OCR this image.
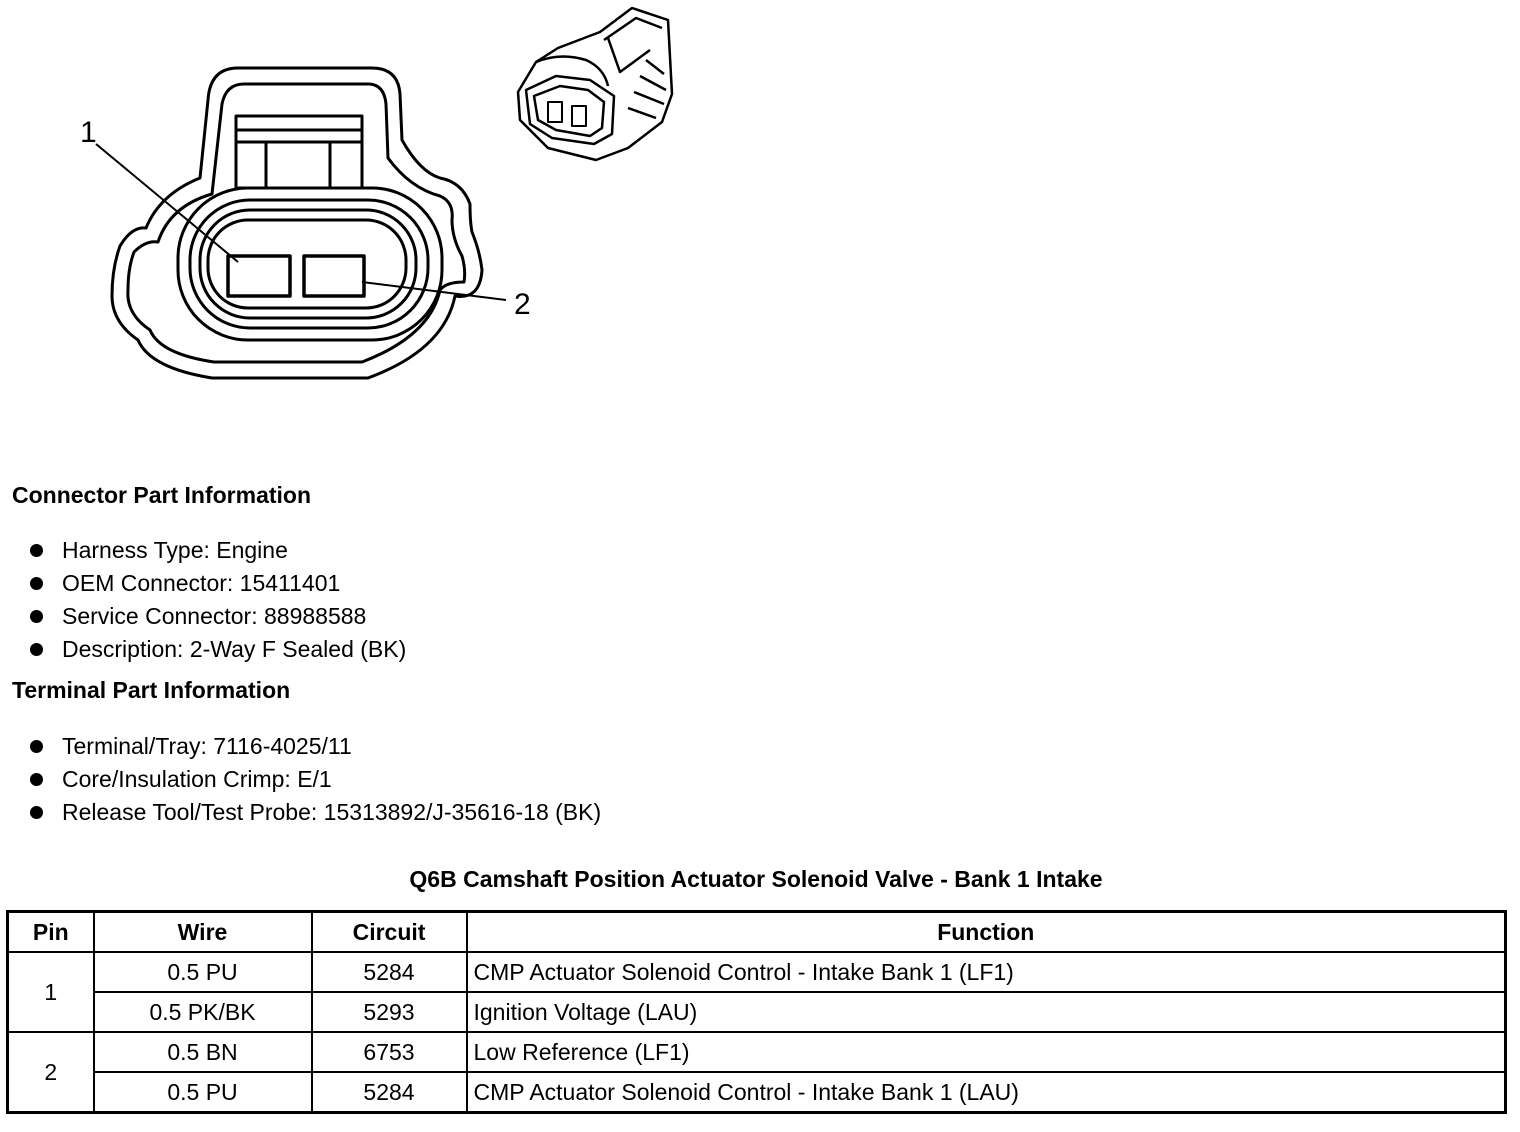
1
2
Connector Part Information
Harness Type: Engine
OEM Connector: 15411401
Service Connector: 88988588
Description: 2-Way F Sealed (BK)
Terminal Part Information
Terminal/Tray: 7116-4025/11
Core/Insulation Crimp: E/1
Release Tool/Test Probe: 15313892/J-35616-18 (BK)
Q6B Camshaft Position Actuator Solenoid Valve - Bank 1 Intake
Pin	Wire	Circuit	Function
1	0.5 PU	5284	CMP Actuator Solenoid Control - Intake Bank 1 (LF1)
	0.5 PK/BK	5293	Ignition Voltage (LAU)
2	0.5 BN	6753	Low Reference (LF1)
	0.5 PU	5284	CMP Actuator Solenoid Control - Intake Bank 1 (LAU)
